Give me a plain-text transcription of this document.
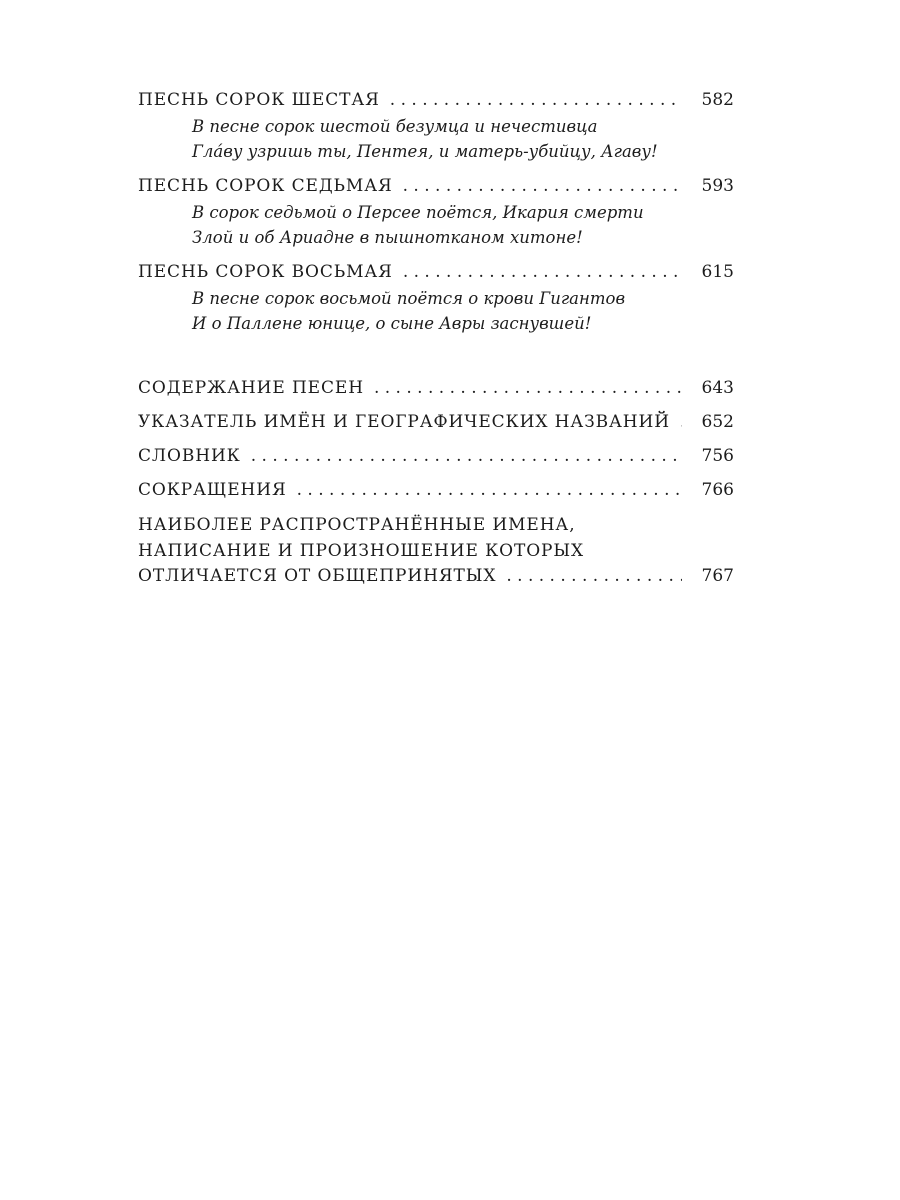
ПЕСНЬ СОРОК ШЕСТАЯ . . .	582
В песне сорок шестой безумца и нечестивца
Гла́ву узришь ты, Пентея, и матерь-убийцу, Агаву!
ПЕСНЬ СОРОК СЕДЬМАЯ . . .	593
В сорок седьмой о Персее поётся, Икария смерти
Злой и об Ариадне в пышнотканом хитоне!
ПЕСНЬ СОРОК ВОСЬМАЯ . . .	615
В песне сорок восьмой поётся о крови Гигантов
И о Паллене юнице, о сыне Авры заснувшей!
СОДЕРЖАНИЕ ПЕСЕН . . .	643
УКАЗАТЕЛЬ ИМЁН И ГЕОГРАФИЧЕСКИХ НАЗВАНИЙ . . .	652
СЛОВНИК . . .	756
СОКРАЩЕНИЯ . . .	766
НАИБОЛЕЕ РАСПРОСТРАНЁННЫЕ ИМЕНА,
НАПИСАНИЕ И ПРОИЗНОШЕНИЕ КОТОРЫХ
ОТЛИЧАЕТСЯ ОТ ОБЩЕПРИНЯТЫХ . . .	767
